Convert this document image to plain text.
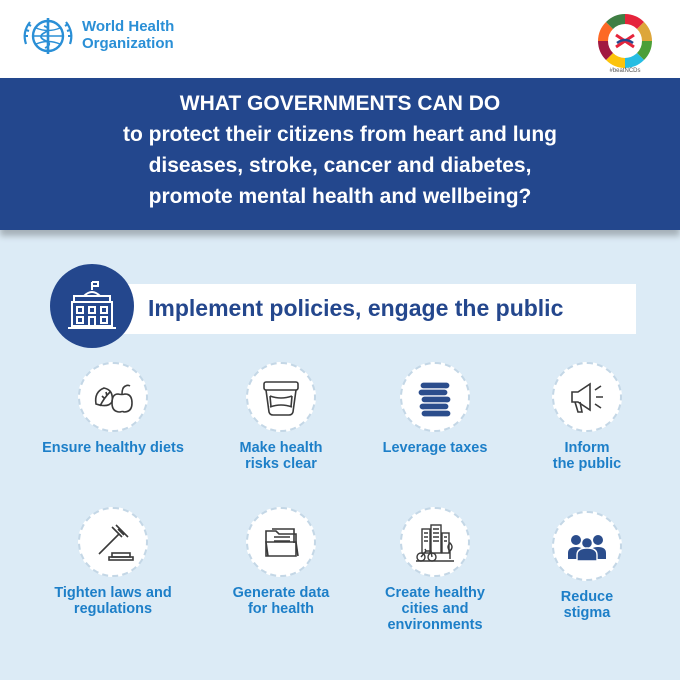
World Health
Organization
#beatNCDs
WHAT GOVERNMENTS CAN DO
to protect their citizens from heart and lung
diseases, stroke, cancer and diabetes,
promote mental health and wellbeing?
Implement policies, engage the public
Ensure healthy diets	Make health
risks clear
Leverage taxes	Inform
the public
Tighten laws and
regulations
Generate data
for health
Create healthy
cities and
environments
Reduce
stigma
